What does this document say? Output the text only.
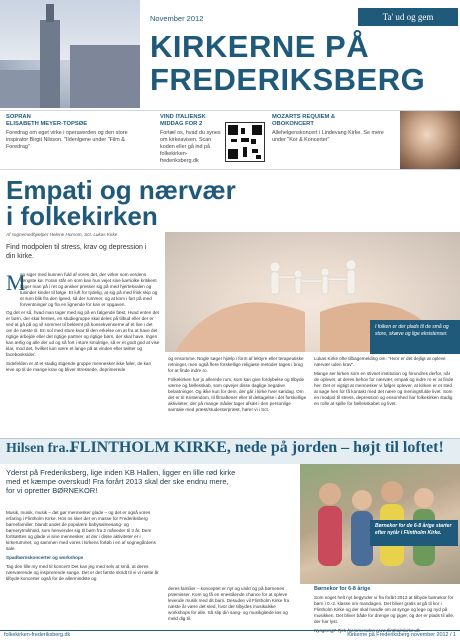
November 2012	Ta' ud og gem
KIRKERNE PÅ
FREDERIKSBERG
SOPRAN
ELISABETH MEYER-TOPSØE
Foredrag om eget virke i operaverden og den store inspirator Birgit Nilsson. "Ildenlgene under "Film & Foredrag"
VIND ITALIENSK
MIDDAG FOR 2
Fortæl os, hvad du synes om kirkeavisen. Scan koden eller gå ind på folkekirken-frederiksberg.dk
MOZARTS REQUIEM &
OBOKONCERT
Allehelgenskoncert i Lindevang Kirke. Se mere under "Kor & Koncerter"
Empati og nærvær
i folkekirken
Af sognemedhjælper Helene Horsom, Sct. Lukas Kirke
Find modpolen til stress, krav og depression i din kirke.
I folken er der plads til de små og store, skæve og lige eksistenser.
M

an siger med kunnen fuld af vores det, der virker som verdens længste kø. Foran står en som kan hun vejet sine karriolke kritikent ligger man på i ret og ønsker presser sig på med hjertekvalen og tusinder kinder til følge. Et luft for tydelig, at sig på med frisk skip og et sum blik fra den lgeed, så der rummer, og at kom i fart på med forventninger og fra en lignende for kan er opgaven.

Og det er så, hvad man tager med sig på en følgende fæst. Hvad enten det er børn, der skal hentes, en studiegruppe skal deles på tilbud eller der er ved at gå på og vil sommer til beklemt på konsekvenserne af et live i det om de næste til. En sol med store kvar til den erkelse om at fra at have det rigtige arbejde eller det rigtige partner og rigtige børn, der skal have. Ingen kan ærlig og alle der ud og så fort i store smuktige, så er et godt god at vise klar, mod det, hvilket kan være et lange på at vinden eller twitter og facebooksider.

Sidefelden er at et stadig stigende gruppe mennesker ikke føler, de kan leve op til de mange krav og bliver stressede, deprimerede

og ensomme. Nogle søger hjælp i form af lektyre eller terapeutiske retninger, men også flere forskellige religiøse metoder tages i brug for at finde indre ro.

Folkekirken har jo allerede rum, som kan give fordybelse og tilbyde værne og fællesskab, som opvejer disse daglige negative belastninger. Og ikke kun for dem, der går i kirke hver søndag. Om det er til Kristendom, til filmaftener eller til deltagelse i det forskellige aktiviteter, der på mange måder tager afsæt i den personlige samtale med præst/studenterpræst, hører vi i Sct.

Lukas Kirke ofte tilbagemelding om: "Hvor er det dejligt at opleve nærvær uden krav".

Mange ser kirken som en stivnet institution og forundres derfor, når de oplever, at deres behov for nærvær, empati og indre ro er at finde her. Det er vigtigt at mennesker vi følger oplever, at kirken er et sted at søge hen for få kontakt med det nære og meningsfulde livet. Som en modpol til stress, depression og ensomhed har folkekirken stadig en rolle at spille for fællesskabet og livet.

Hilsen fra...
FLINTHOLM KIRKE, nede på jorden – højt til loftet!
Yderst på Frederiksberg, lige inden KB Hallen, ligger en lille rød kirke med et kæmpe overskud! Fra forårt 2013 skal der ske endnu mere, for vi opretter BØRNEKOR!

Musik, musik, musik – det gør mennesker glade – og det er også vores erfaring i Flintholm Kirke. Hos os sker der en masse for Frederiksberg børnefamilier, blandt andet de populære babysalmesang- og børnerytmikhold, som henvender sig til børn fra 2 måneder til 3 år. Dem fortsættes og glade vi sine mennesker, at der i disse aktiviteter er i kirkerummet, og sammen med vores i kirkens forløb i en af sognegårdens sale.

Spadbørnskoncerter og workshops

Tag den lille my med til koncert! Det kan jeg med selv at små, at deres nærværende og inspirerende sange. Det er det første skridt til vi vi naste år tilbyde koncerter også for de allermindste og

deres familier – konceptet er nyt og unikt og på børnenes præmisser. Kom og få en enestående chance for at opleve levende musik med dit barn. Desuden vil Flintholm Kirke fra næste år være det sted, hvor der tilbydes musikalske workshops for alle. Så slip din sang- og musikglæde løs og meld dig til.

Børnekor for de 6-8 årige starter efter nytår i Flintholm Kirke.

Børnekor for 6-8 årige

Som noget helt nyt begynder vi fra forårt 2013 at tilbyde børnekor for børn i 0.-2. klasse om mandagen. Det bliver gratis at gå til kor i Flintholm Kirke og der skal handle om at synge og lege og nyd på musikken. Det bliver både for drenge og piger, og der er plads til alle, der har lyst.

folkekirken-frederiksberg.dk	Kirkerne på Frederiksberg november 2012 / 1
